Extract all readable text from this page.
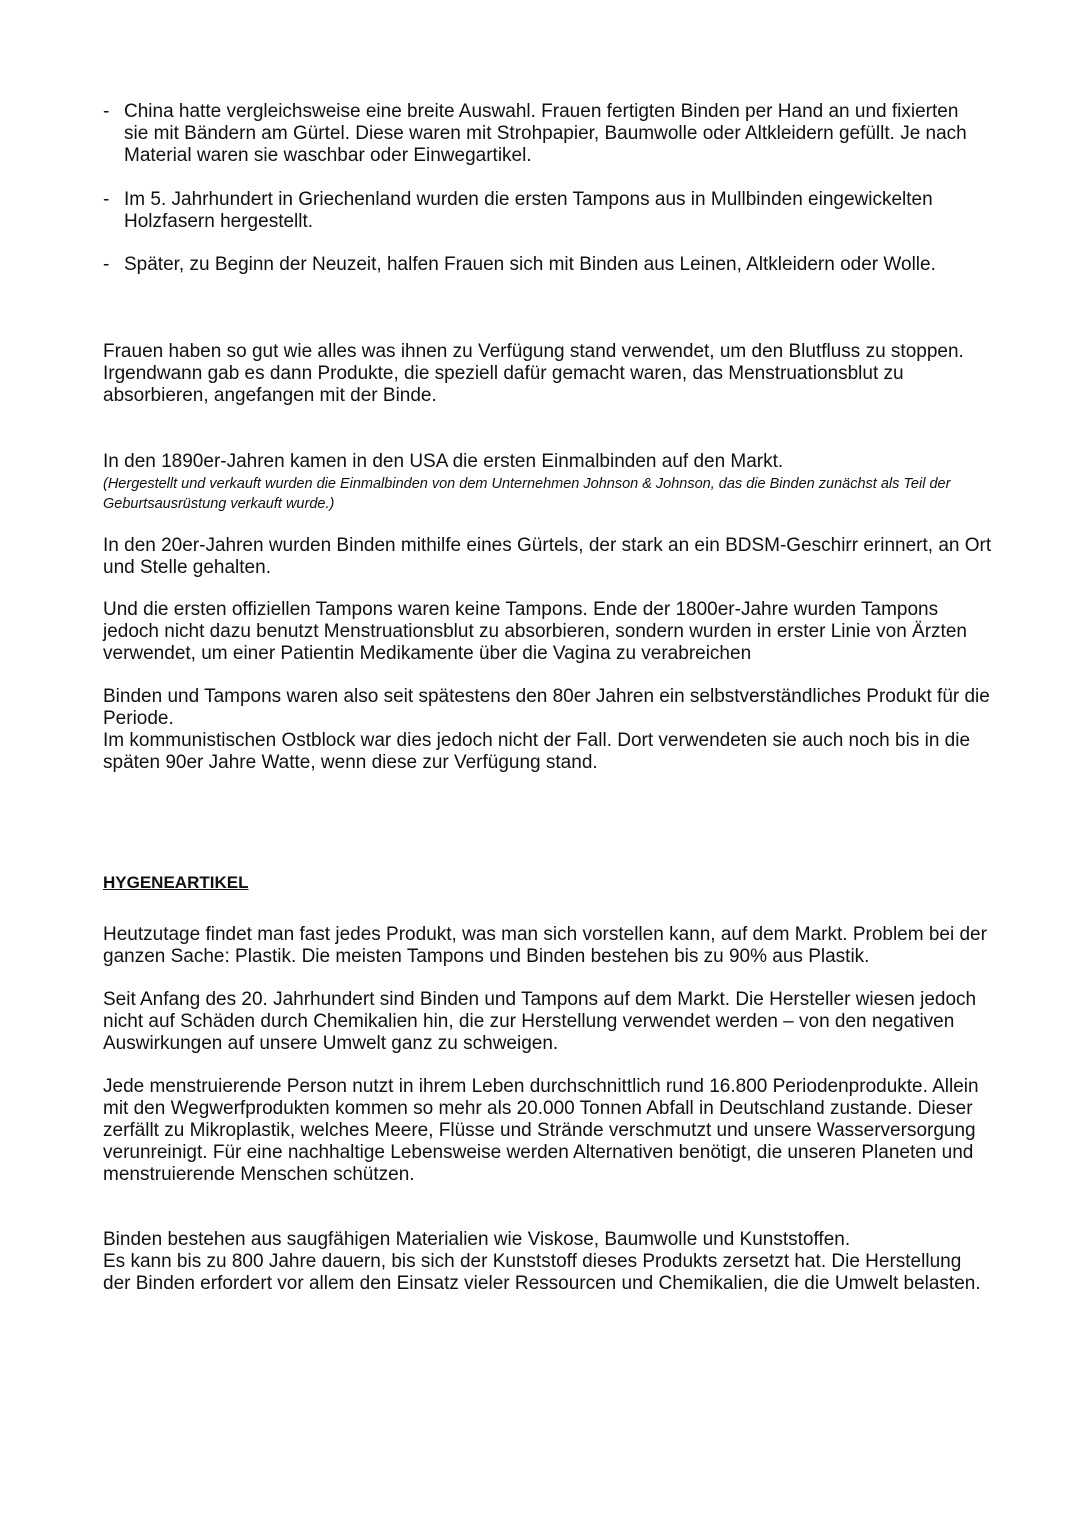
- China hatte vergleichsweise eine breite Auswahl. Frauen fertigten Binden per Hand an und fixierten sie mit Bändern am Gürtel. Diese waren mit Strohpapier, Baumwolle oder Altkleidern gefüllt. Je nach Material waren sie waschbar oder Einwegartikel.
- Im 5. Jahrhundert in Griechenland wurden die ersten Tampons aus in Mullbinden eingewickelten Holzfasern hergestellt.
- Später, zu Beginn der Neuzeit, halfen Frauen sich mit Binden aus Leinen, Altkleidern oder Wolle.

Frauen haben so gut wie alles was ihnen zu Verfügung stand verwendet, um den Blutfluss zu stoppen. Irgendwann gab es dann Produkte, die speziell dafür gemacht waren, das Menstruationsblut zu absorbieren, angefangen mit der Binde.

In den 1890er-Jahren kamen in den USA die ersten Einmalbinden auf den Markt.

(Hergestellt und verkauft wurden die Einmalbinden von dem Unternehmen Johnson & Johnson, das die Binden zunächst als Teil der Geburtsausrüstung verkauft wurde.)

In den 20er-Jahren wurden Binden mithilfe eines Gürtels, der stark an ein BDSM-Geschirr erinnert, an Ort und Stelle gehalten.

Und die ersten offiziellen Tampons waren keine Tampons. Ende der 1800er-Jahre wurden Tampons jedoch nicht dazu benutzt Menstruationsblut zu absorbieren, sondern wurden in erster Linie von Ärzten verwendet, um einer Patientin Medikamente über die Vagina zu verabreichen

Binden und Tampons waren also seit spätestens den 80er Jahren ein selbstverständliches Produkt für die Periode.

Im kommunistischen Ostblock war dies jedoch nicht der Fall. Dort verwendeten sie auch noch bis in die späten 90er Jahre Watte, wenn diese zur Verfügung stand.

HYGENEARTIKEL

Heutzutage findet man fast jedes Produkt, was man sich vorstellen kann, auf dem Markt. Problem bei der ganzen Sache: Plastik. Die meisten Tampons und Binden bestehen bis zu 90% aus Plastik.

Seit Anfang des 20. Jahrhundert sind Binden und Tampons auf dem Markt. Die Hersteller wiesen jedoch nicht auf Schäden durch Chemikalien hin, die zur Herstellung verwendet werden – von den negativen Auswirkungen auf unsere Umwelt ganz zu schweigen.

Jede menstruierende Person nutzt in ihrem Leben durchschnittlich rund 16.800 Periodenprodukte. Allein mit den Wegwerfprodukten kommen so mehr als 20.000 Tonnen Abfall in Deutschland zustande. Dieser zerfällt zu Mikroplastik, welches Meere, Flüsse und Strände verschmutzt und unsere Wasserversorgung verunreinigt. Für eine nachhaltige Lebensweise werden Alternativen benötigt, die unseren Planeten und menstruierende Menschen schützen.

Binden bestehen aus saugfähigen Materialien wie Viskose, Baumwolle und Kunststoffen.

Es kann bis zu 800 Jahre dauern, bis sich der Kunststoff dieses Produkts zersetzt hat. Die Herstellung der Binden erfordert vor allem den Einsatz vieler Ressourcen und Chemikalien, die die Umwelt belasten.
